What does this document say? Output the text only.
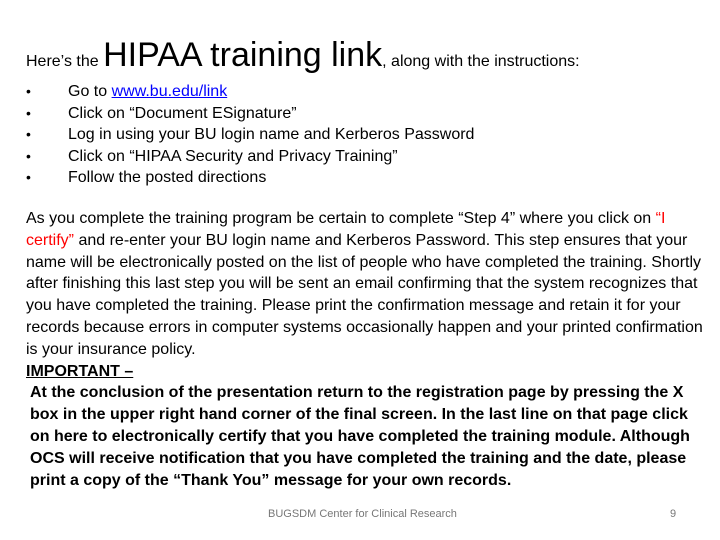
Here’s the HIPAA training link, along with the instructions:
•	Go to www.bu.edu/link
•	Click on “Document ESignature”
•	Log in using your BU login name and Kerberos Password
•	Click on “HIPAA Security and Privacy Training”
•	Follow the posted directions

As you complete the training program be certain to complete “Step 4” where you click on “I certify” and re-enter your BU login name and Kerberos Password. This step ensures that your name will be electronically posted on the list of people who have completed the training. Shortly after finishing this last step you will be sent an email confirming that the system recognizes that you have completed the training. Please print the confirmation message and retain it for your records because errors in computer systems occasionally happen and your printed confirmation is your insurance policy.

IMPORTANT –

At the conclusion of the presentation return to the registration page by pressing the X box in the upper right hand corner of the final screen. In the last line on that page click on here to electronically certify that you have completed the training module. Although OCS will receive notification that you have completed the training and the date, please print a copy of the “Thank You” message for your own records.

BUGSDM Center for Clinical Research	9
